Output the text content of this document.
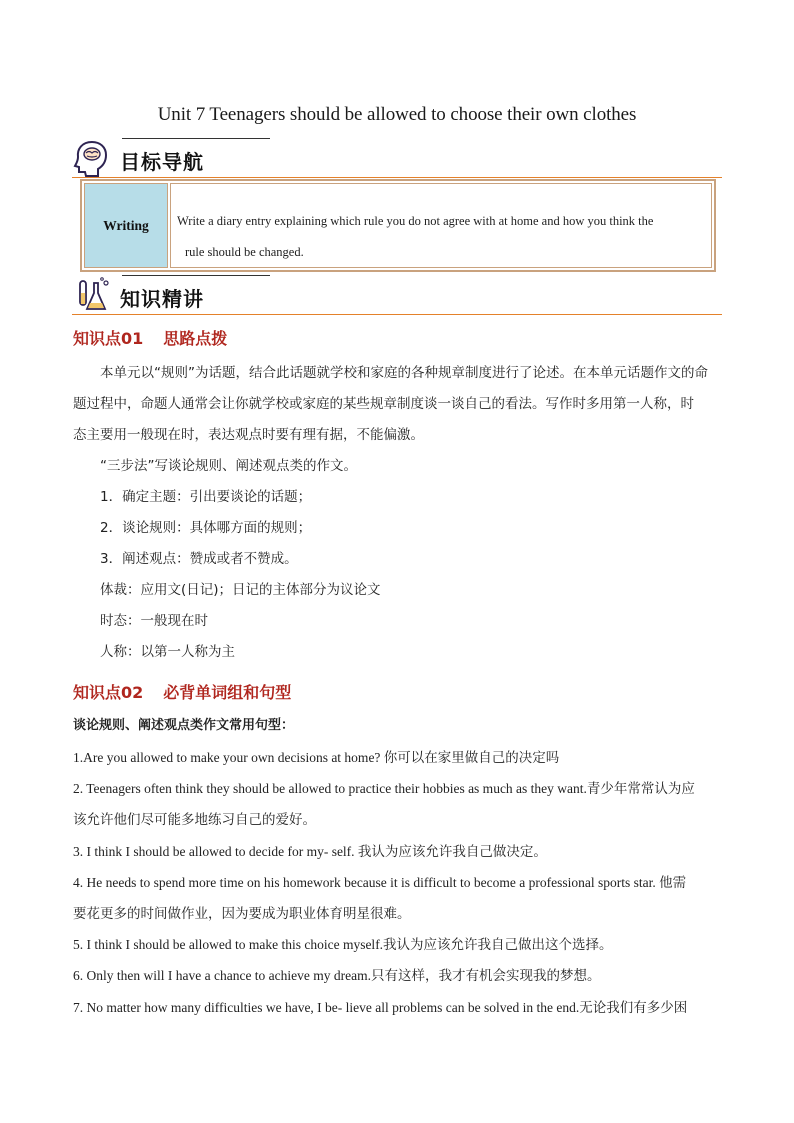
Unit 7 Teenagers should be allowed to choose their own clothes
目标导航
Writing	Write a diary entry explaining which rule you do not agree with at home and how you think the

rule should be changed.
知识精讲
知识点01 思路点拨
本单元以“规则”为话题，结合此话题就学校和家庭的各种规章制度进行了论述。在本单元话题作文的命
题过程中，命题人通常会让你就学校或家庭的某些规章制度谈一谈自己的看法。写作时多用第一人称，时
态主要用一般现在时，表达观点时要有理有据，不能偏激。
“三步法”写谈论规则、阐述观点类的作文。
1．确定主题：引出要谈论的话题；
2．谈论规则：具体哪方面的规则；
3．阐述观点：赞成或者不赞成。
体裁：应用文(日记)；日记的主体部分为议论文
时态：一般现在时
人称：以第一人称为主
知识点02 必背单词组和句型
谈论规则、阐述观点类作文常用句型：
1.Are you allowed to make your own decisions at home? 你可以在家里做自己的决定吗
2. Teenagers often think they should be allowed to practice their hobbies as much as they want.青少年常常认为应
该允许他们尽可能多地练习自己的爱好。
3. I think I should be allowed to decide for my- self. 我认为应该允许我自己做决定。
4. He needs to spend more time on his homework because it is difficult to become a professional sports star. 他需
要花更多的时间做作业，因为要成为职业体育明星很难。
5. I think I should be allowed to make this choice myself.我认为应该允许我自己做出这个选择。
6. Only then will I have a chance to achieve my dream.只有这样，我才有机会实现我的梦想。
7. No matter how many difficulties we have, I be- lieve all problems can be solved in the end.无论我们有多少困
